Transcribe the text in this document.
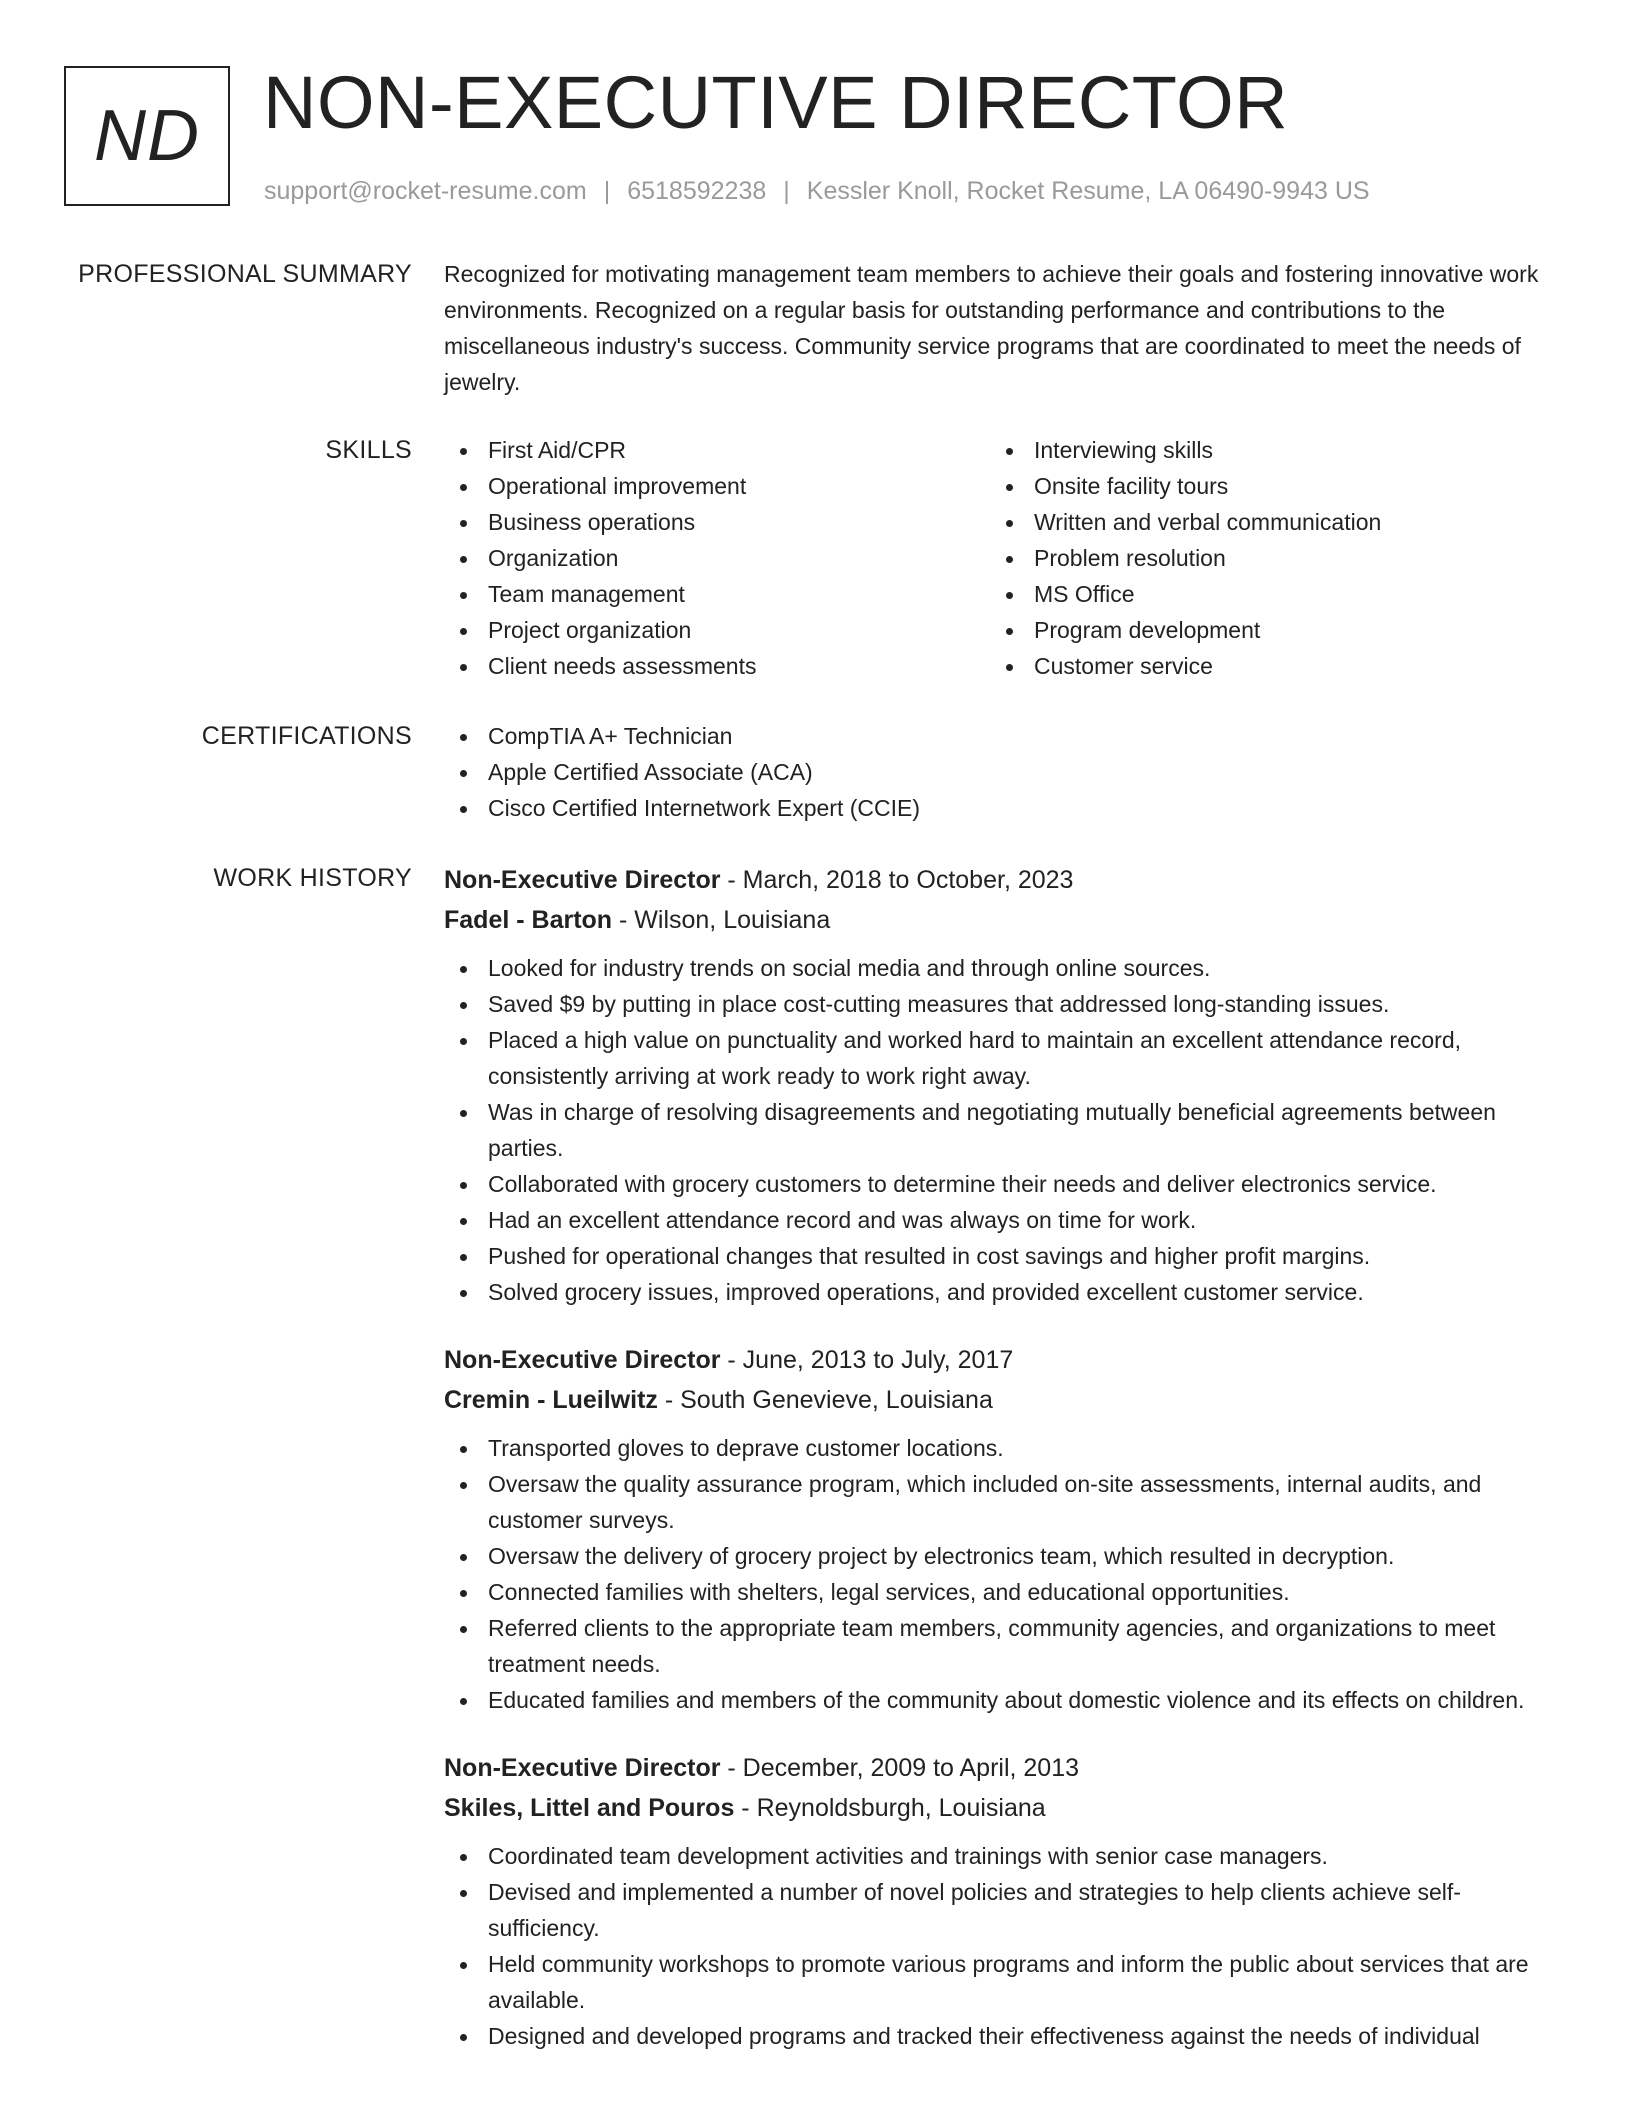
ND NON-EXECUTIVE DIRECTOR
support@rocket-resume.com | 6518592238 | Kessler Knoll, Rocket Resume, LA 06490-9943 US
PROFESSIONAL SUMMARY Recognized for motivating management team members to achieve their goals and fostering innovative work environments. Recognized on a regular basis for outstanding performance and contributions to the miscellaneous industry's success. Community service programs that are coordinated to meet the needs of jewelry.

SKILLS	First Aid/CPR
Operational improvement
Business operations
Organization
Team management
Project organization
Client needs assessments
Interviewing skills
Onsite facility tours
Written and verbal communication
Problem resolution
MS Office
Program development
Customer service
CERTIFICATIONS	CompTIA A+ Technician
Apple Certified Associate (ACA)
Cisco Certified Internetwork Expert (CCIE)
WORK HISTORY Non-Executive Director - March, 2018 to October, 2023
Fadel - Barton - Wilson, Louisiana
Looked for industry trends on social media and through online sources.
Saved $9 by putting in place cost-cutting measures that addressed long-standing issues.
Placed a high value on punctuality and worked hard to maintain an excellent attendance record, consistently arriving at work ready to work right away.
Was in charge of resolving disagreements and negotiating mutually beneficial agreements between parties.
Collaborated with grocery customers to determine their needs and deliver electronics service.
Had an excellent attendance record and was always on time for work.
Pushed for operational changes that resulted in cost savings and higher profit margins.
Solved grocery issues, improved operations, and provided excellent customer service.
Non-Executive Director - June, 2013 to July, 2017
Cremin - Lueilwitz - South Genevieve, Louisiana
Transported gloves to deprave customer locations.
Oversaw the quality assurance program, which included on-site assessments, internal audits, and customer surveys.
Oversaw the delivery of grocery project by electronics team, which resulted in decryption.
Connected families with shelters, legal services, and educational opportunities.
Referred clients to the appropriate team members, community agencies, and organizations to meet treatment needs.
Educated families and members of the community about domestic violence and its effects on children.
Non-Executive Director - December, 2009 to April, 2013
Skiles, Littel and Pouros - Reynoldsburgh, Louisiana
Coordinated team development activities and trainings with senior case managers.
Devised and implemented a number of novel policies and strategies to help clients achieve self-sufficiency.
Held community workshops to promote various programs and inform the public about services that are available.
Designed and developed programs and tracked their effectiveness against the needs of individual
